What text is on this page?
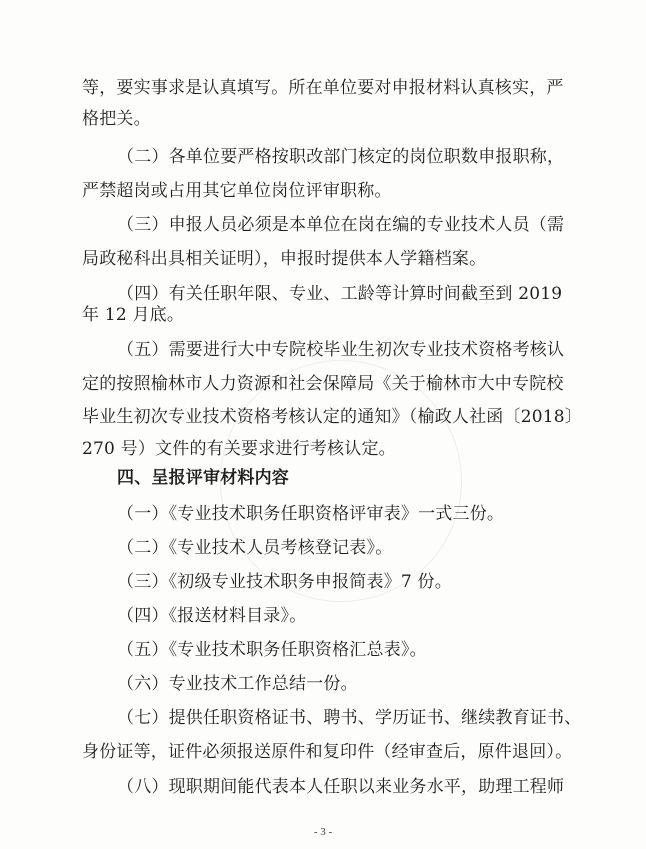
等，要实事求是认真填写。所在单位要对申报材料认真核实，严
格把关。
（二）各单位要严格按职改部门核定的岗位职数申报职称，
严禁超岗或占用其它单位岗位评审职称。
（三）申报人员必须是本单位在岗在编的专业技术人员（需
局政秘科出具相关证明），申报时提供本人学籍档案。
（四）有关任职年限、专业、工龄等计算时间截至到 2019
年 12 月底。
（五）需要进行大中专院校毕业生初次专业技术资格考核认
定的按照榆林市人力资源和社会保障局《关于榆林市大中专院校
毕业生初次专业技术资格考核认定的通知》（榆政人社函〔2018〕
270 号）文件的有关要求进行考核认定。
四、呈报评审材料内容
（一）《专业技术职务任职资格评审表》一式三份。
（二）《专业技术人员考核登记表》。
（三）《初级专业技术职务申报简表》7 份。
（四）《报送材料目录》。
（五）《专业技术职务任职资格汇总表》。
（六）专业技术工作总结一份。
（七）提供任职资格证书、聘书、学历证书、继续教育证书、
身份证等，证件必须报送原件和复印件（经审查后，原件退回）。
（八）现职期间能代表本人任职以来业务水平，助理工程师
- 3 -
